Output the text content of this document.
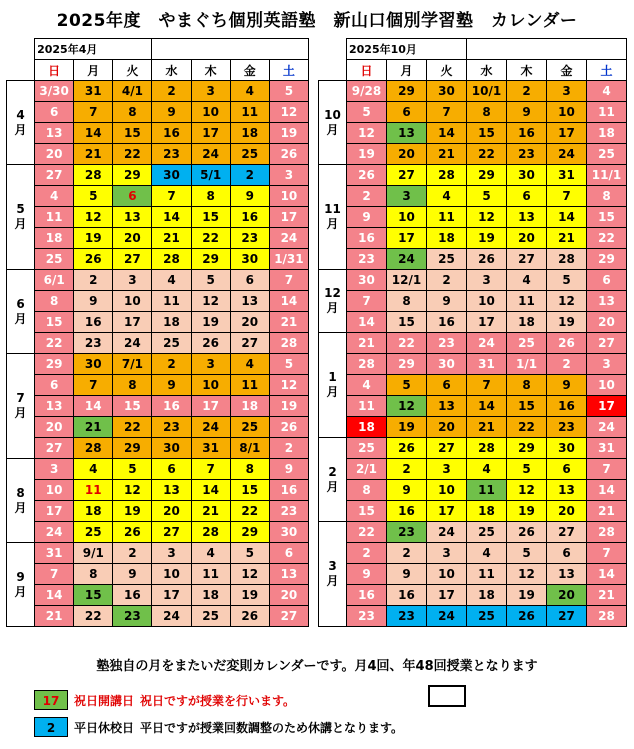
2025年度　やまぐち個別英語塾　新山口個別学習塾　カレンダー
	2025年4月						
	日	月	火	水	木	金	土
4
月	3/30	31	4/1	2	3	4	5
	6	7	8	9	10	11	12
	13	14	15	16	17	18	19
	20	21	22	23	24	25	26
5
月	27	28	29	30	5/1	2	3
	4	5	6	7	8	9	10
	11	12	13	14	15	16	17
	18	19	20	21	22	23	24
	25	26	27	28	29	30	1/31
6
月	6/1	2	3	4	5	6	7
	8	9	10	11	12	13	14
	15	16	17	18	19	20	21
	22	23	24	25	26	27	28
7
月	29	30	7/1	2	3	4	5
	6	7	8	9	10	11	12
	13	14	15	16	17	18	19
	20	21	22	23	24	25	26
	27	28	29	30	31	8/1	2
8
月	3	4	5	6	7	8	9
	10	11	12	13	14	15	16
	17	18	19	20	21	22	23
	24	25	26	27	28	29	30
9
月	31	9/1	2	3	4	5	6
	7	8	9	10	11	12	13
	14	15	16	17	18	19	20
	21	22	23	24	25	26	27
	2025年10月						
	日	月	火	水	木	金	土
10
月	9/28	29	30	10/1	2	3	4
	5	6	7	8	9	10	11
	12	13	14	15	16	17	18
	19	20	21	22	23	24	25
11
月	26	27	28	29	30	31	11/1
	2	3	4	5	6	7	8
	9	10	11	12	13	14	15
	16	17	18	19	20	21	22
	23	24	25	26	27	28	29
12
月	30	12/1	2	3	4	5	6
	7	8	9	10	11	12	13
	14	15	16	17	18	19	20
1
月	21	22	23	24	25	26	27
	28	29	30	31	1/1	2	3
	4	5	6	7	8	9	10
	11	12	13	14	15	16	17
	18	19	20	21	22	23	24
2
月	25	26	27	28	29	30	31
	2/1	2	3	4	5	6	7
	8	9	10	11	12	13	14
	15	16	17	18	19	20	21
3
月	22	23	24	25	26	27	28
	2	2	3	4	5	6	7
	9	9	10	11	12	13	14
	16	16	17	18	19	20	21
	23	23	24	25	26	27	28
塾独自の月をまたいだ変則カレンダーです。月4回、年48回授業となります
17	祝日開講日 祝日ですが授業を行います。
2	平日休校日 平日ですが授業回数調整のため休講となります。
